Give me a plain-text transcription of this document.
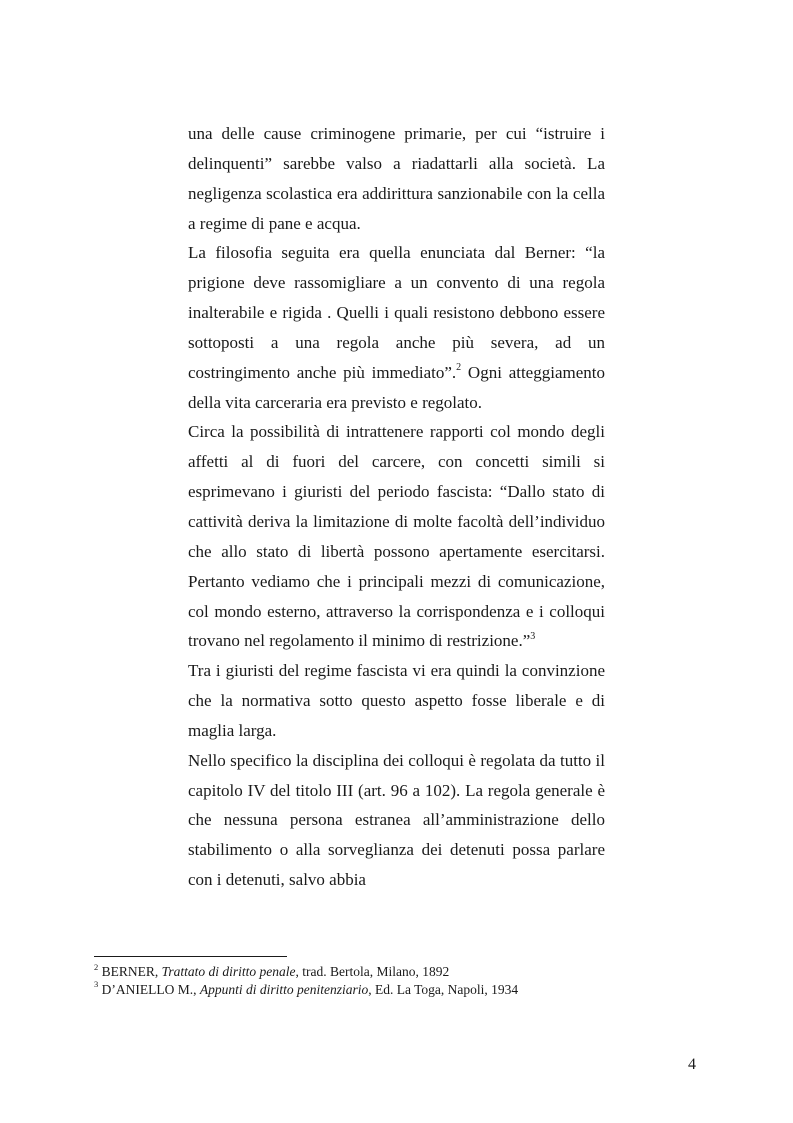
una delle cause criminogene primarie, per cui “istruire i delinquenti” sarebbe valso a riadattarli alla società. La negligenza scolastica era addirittura sanzionabile con la cella a regime di pane e acqua.

La filosofia seguita era quella enunciata dal Berner: “la prigione deve rassomigliare a un convento di una regola inalterabile e rigida . Quelli i quali resistono debbono essere sottoposti a una regola anche più severa, ad un costringimento anche più immediato”.$^2$ Ogni atteggiamento della vita carceraria era previsto e regolato.

Circa la possibilità di intrattenere rapporti col mondo degli affetti al di fuori del carcere, con concetti simili si esprimevano i giuristi del periodo fascista: “Dallo stato di cattività deriva la limitazione di molte facoltà dell’individuo che allo stato di libertà possono apertamente esercitarsi. Pertanto vediamo che i principali mezzi di comunicazione, col mondo esterno, attraverso la corrispondenza e i colloqui trovano nel regolamento il minimo di restrizione.”$^3$

Tra i giuristi del regime fascista vi era quindi la convinzione che la normativa sotto questo aspetto fosse liberale e di maglia larga.

Nello specifico la disciplina dei colloqui è regolata da tutto il capitolo IV del titolo III (art. 96 a 102). La regola generale è che nessuna persona estranea all’amministrazione dello stabilimento o alla sorveglianza dei detenuti possa parlare con i detenuti, salvo abbia

$^2$ BERNER, Trattato di diritto penale, trad. Bertola, Milano, 1892

$^3$ D’ANIELLO M., Appunti di diritto penitenziario, Ed. La Toga, Napoli, 1934

4
